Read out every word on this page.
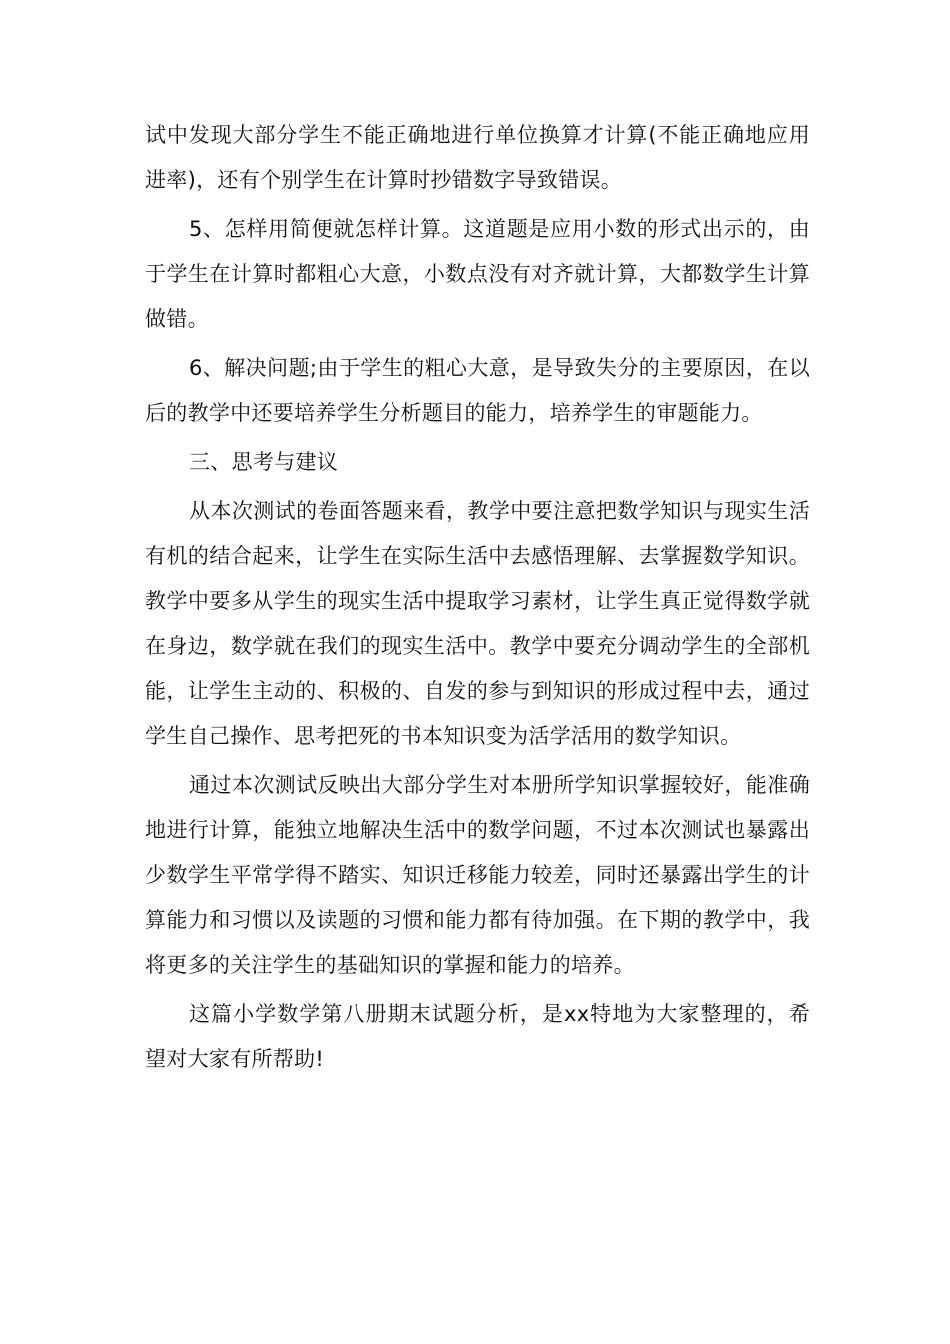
试中发现大部分学生不能正确地进行单位换算才计算(不能正确地应用进率)，还有个别学生在计算时抄错数字导致错误。

5、怎样用简便就怎样计算。这道题是应用小数的形式出示的，由于学生在计算时都粗心大意，小数点没有对齐就计算，大都数学生计算做错。

6、解决问题;由于学生的粗心大意，是导致失分的主要原因，在以后的教学中还要培养学生分析题目的能力，培养学生的审题能力。

三、思考与建议

从本次测试的卷面答题来看，教学中要注意把数学知识与现实生活有机的结合起来，让学生在实际生活中去感悟理解、去掌握数学知识。教学中要多从学生的现实生活中提取学习素材，让学生真正觉得数学就在身边，数学就在我们的现实生活中。教学中要充分调动学生的全部机能，让学生主动的、积极的、自发的参与到知识的形成过程中去，通过学生自己操作、思考把死的书本知识变为活学活用的数学知识。

通过本次测试反映出大部分学生对本册所学知识掌握较好，能准确地进行计算，能独立地解决生活中的数学问题，不过本次测试也暴露出少数学生平常学得不踏实、知识迁移能力较差，同时还暴露出学生的计算能力和习惯以及读题的习惯和能力都有待加强。在下期的教学中，我将更多的关注学生的基础知识的掌握和能力的培养。

这篇小学数学第八册期末试题分析，是xx特地为大家整理的，希望对大家有所帮助!
